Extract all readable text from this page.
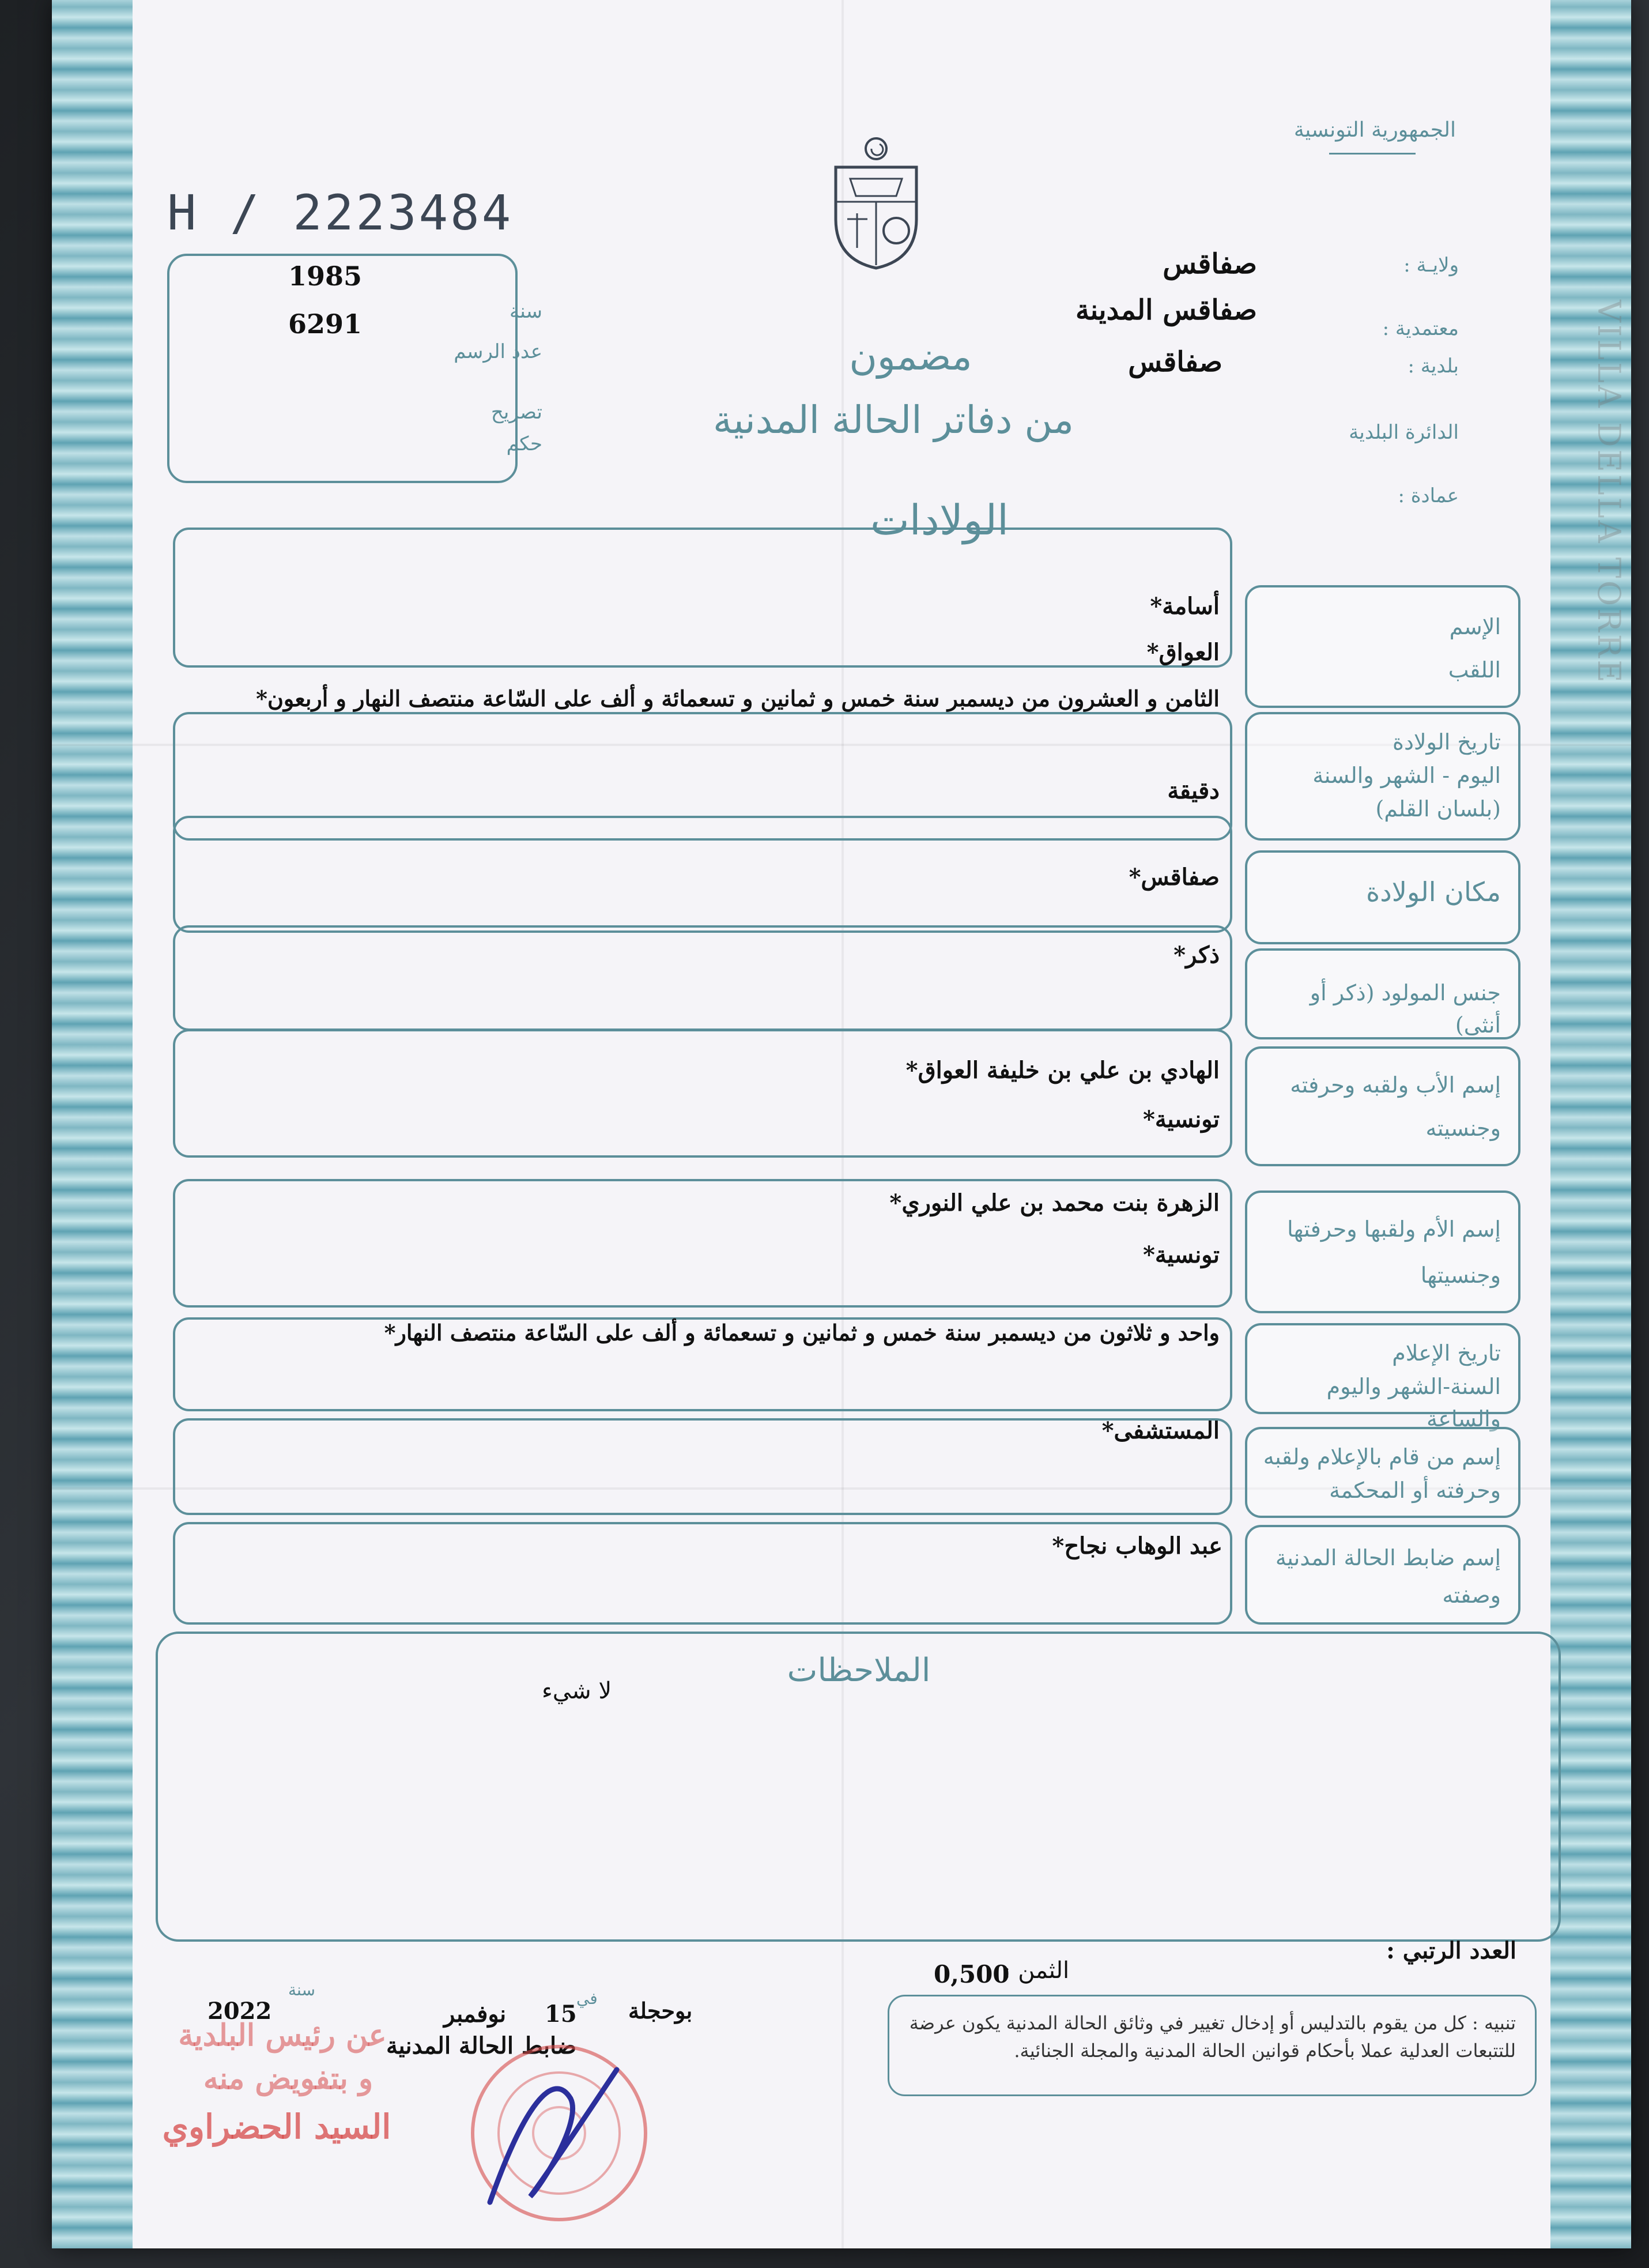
VILLA DELLA TORRE
الجمهورية التونسية
H / 2223484
1985
6291	سنة
عدد الرسم
تصريح
حكم
ولايـة :
صفاقس
معتمدية :
صفاقس المدينة
بلدية :
صفاقس
الدائرة البلدية
عمادة :
مضمون
من دفاتر الحالة المدنية
الولادات
الإسم
اللقب
أسامة*
العواق*
تاريخ الولادة
اليوم - الشهر والسنة
(بلسان القلم)
الثامن و العشرون من ديسمبر سنة خمس و ثمانين و تسعمائة و ألف على السّاعة منتصف النهار و أربعون*
دقيقة
مكان الولادة
صفاقس*
جنس المولود (ذكر أو أنثى)
ذكر*
إسم الأب ولقبه وحرفته
وجنسيته
الهادي بن علي بن خليفة العواق*
تونسية*
إسم الأم ولقبها وحرفتها
وجنسيتها
الزهرة بنت محمد بن علي النوري*
تونسية*
تاريخ الإعلام
السنة-الشهر واليوم والساعة
واحد و ثلاثون من ديسمبر سنة خمس و ثمانين و تسعمائة و ألف على السّاعة منتصف النهار*
إسم من قام بالإعلام ولقبه
وحرفته أو المحكمة
المستشفى*
إسم ضابط الحالة المدنية
وصفته
عبد الوهاب نجاح*
الملاحظات
لا شيء
العدد الرتبي :
الثمن :
0,500
تنبيه : كل من يقوم بالتدليس أو إدخال تغيير في وثائق الحالة المدنية يكون عرضة للتتبعات العدلية عملا بأحكام قوانين الحالة المدنية والمجلة الجنائية.
بوحجلة
في
15
نوفمبر
سنة
2022
ضابط الحالة المدنية
عن رئيس البلدية
و بتفويض منه
السيد الحضراوي
